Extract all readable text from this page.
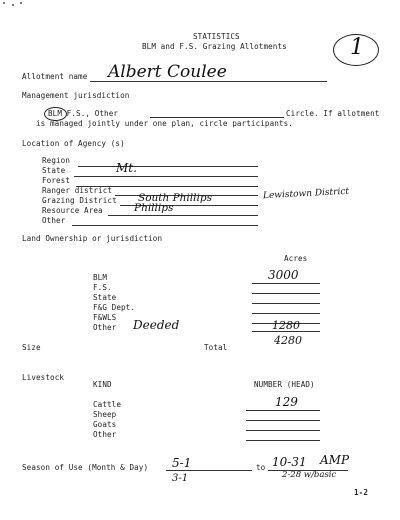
STATISTICS
BLM and F.S. Grazing Allotments	1
Allotment name Albert Coulee
Management jurisdiction
BLM F.S., Other	Circle. If allotment
is managed jointly under one plan, circle participants.
Location of Agency (s)
Region
State	Mt.
Forest
Ranger district
Grazing District South Phillips	Lewistown District
Resource Area	Phillips
Other
Land Ownership or jurisdiction
Acres
BLM	3000
F.S.
State
F&G Dept.
F&WLS
Other Deeded	1280
Size	Total
4280
Livestock
KIND	NUMBER (HEAD)
Cattle	129
Sheep
Goats
Other
Season of Use (Month & Day) 5-1	to 10-31 AMP
3-1	2-28 w/basic
1-2
